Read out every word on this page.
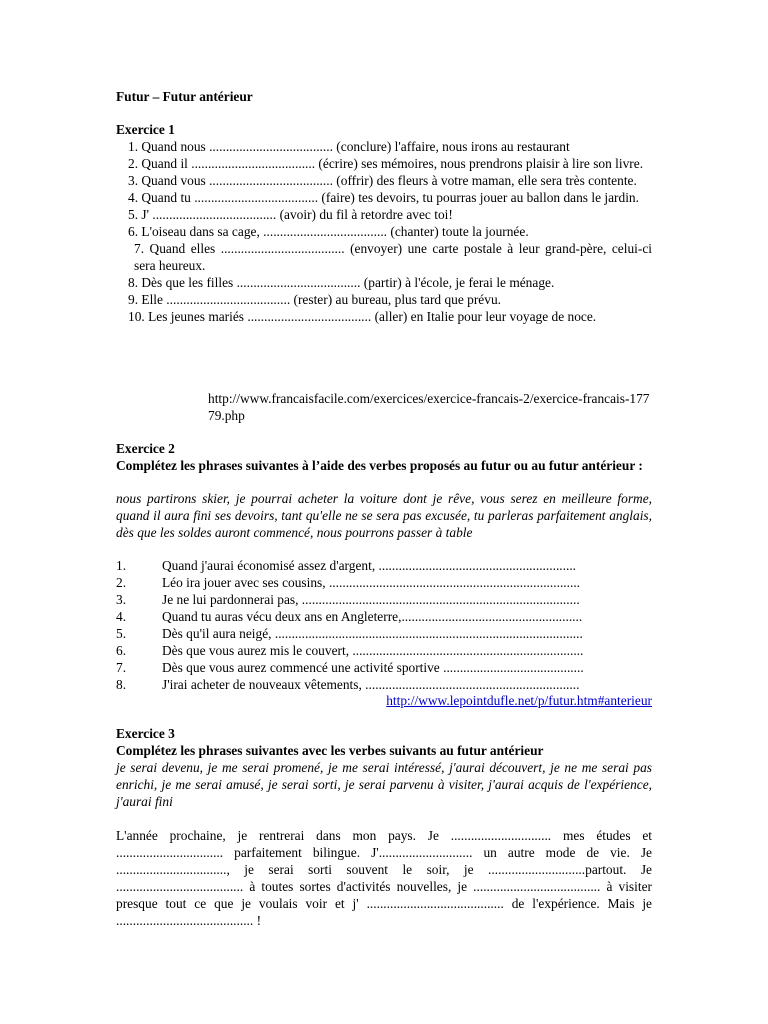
Futur – Futur antérieur
Exercice 1
1. Quand nous ..................................... (conclure) l'affaire, nous irons au restaurant
2. Quand il ..................................... (écrire) ses mémoires, nous prendrons plaisir à lire son livre.
3. Quand vous ..................................... (offrir) des fleurs à votre maman, elle sera très contente.
4. Quand tu ..................................... (faire) tes devoirs, tu pourras jouer au ballon dans le jardin.
5. J' ..................................... (avoir) du fil à retordre avec toi!
6. L'oiseau dans sa cage, ..................................... (chanter) toute la journée.
7. Quand elles ..................................... (envoyer) une carte postale à leur grand-père, celui-ci sera heureux.
8. Dès que les filles ..................................... (partir) à l'école, je ferai le ménage.
9. Elle ..................................... (rester) au bureau, plus tard que prévu.
10. Les jeunes mariés ..................................... (aller) en Italie pour leur voyage de noce.
http://www.francaisfacile.com/exercices/exercice-francais-2/exercice-francais-17779.php
Exercice 2
Complétez les phrases suivantes à l’aide des verbes proposés au futur ou au futur antérieur :
nous partirons skier, je pourrai acheter la voiture dont je rêve, vous serez en meilleure forme, quand il aura fini ses devoirs, tant qu'elle ne se sera pas excusée, tu parleras parfaitement anglais, dès que les soldes auront commencé, nous pourrons passer à table
1.	Quand j'aurai économisé assez d'argent, ...........................................................
2.	Léo ira jouer avec ses cousins, ...........................................................................
3.	Je ne lui pardonnerai pas, ...................................................................................
4.	Quand tu auras vécu deux ans en Angleterre,......................................................
5.	Dès qu'il aura neigé, ............................................................................................
6.	Dès que vous aurez mis le couvert, .....................................................................
7.	Dès que vous aurez commencé une activité sportive ..........................................
8.	J'irai acheter de nouveaux vêtements, ................................................................
http://www.lepointdufle.net/p/futur.htm#anterieur
Exercice 3
Complétez les phrases suivantes avec les verbes suivants au futur antérieur
je serai devenu, je me serai promené, je me serai intéressé, j'aurai découvert, je ne me serai pas enrichi, je me serai amusé, je serai sorti, je serai parvenu à visiter, j'aurai acquis de l'expérience, j'aurai fini
L'année prochaine, je rentrerai dans mon pays. Je .............................. mes études et ................................ parfaitement bilingue. J'............................ un autre mode de vie. Je ................................., je serai sorti souvent le soir, je .............................partout. Je ...................................... à toutes sortes d'activités nouvelles, je ...................................... à visiter presque tout ce que je voulais voir et j' ......................................... de l'expérience. Mais je ......................................... !
